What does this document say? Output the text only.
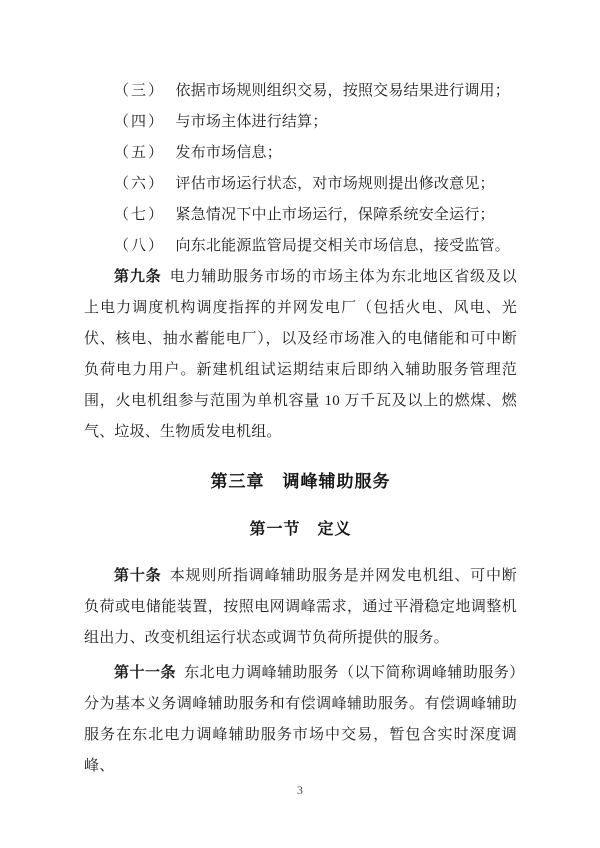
（三） 依据市场规则组织交易，按照交易结果进行调用；
（四） 与市场主体进行结算；
（五） 发布市场信息；
（六） 评估市场运行状态，对市场规则提出修改意见；
（七） 紧急情况下中止市场运行，保障系统安全运行；
（八） 向东北能源监管局提交相关市场信息，接受监管。

第九条 电力辅助服务市场的市场主体为东北地区省级及以上电力调度机构调度指挥的并网发电厂（包括火电、风电、光伏、核电、抽水蓄能电厂），以及经市场准入的电储能和可中断负荷电力用户。新建机组试运期结束后即纳入辅助服务管理范围，火电机组参与范围为单机容量 10 万千瓦及以上的燃煤、燃气、垃圾、生物质发电机组。

第三章　调峰辅助服务
第一节　定义

第十条 本规则所指调峰辅助服务是并网发电机组、可中断负荷或电储能装置，按照电网调峰需求，通过平滑稳定地调整机组出力、改变机组运行状态或调节负荷所提供的服务。

第十一条 东北电力调峰辅助服务（以下简称调峰辅助服务）分为基本义务调峰辅助服务和有偿调峰辅助服务。有偿调峰辅助服务在东北电力调峰辅助服务市场中交易，暂包含实时深度调峰、

3
